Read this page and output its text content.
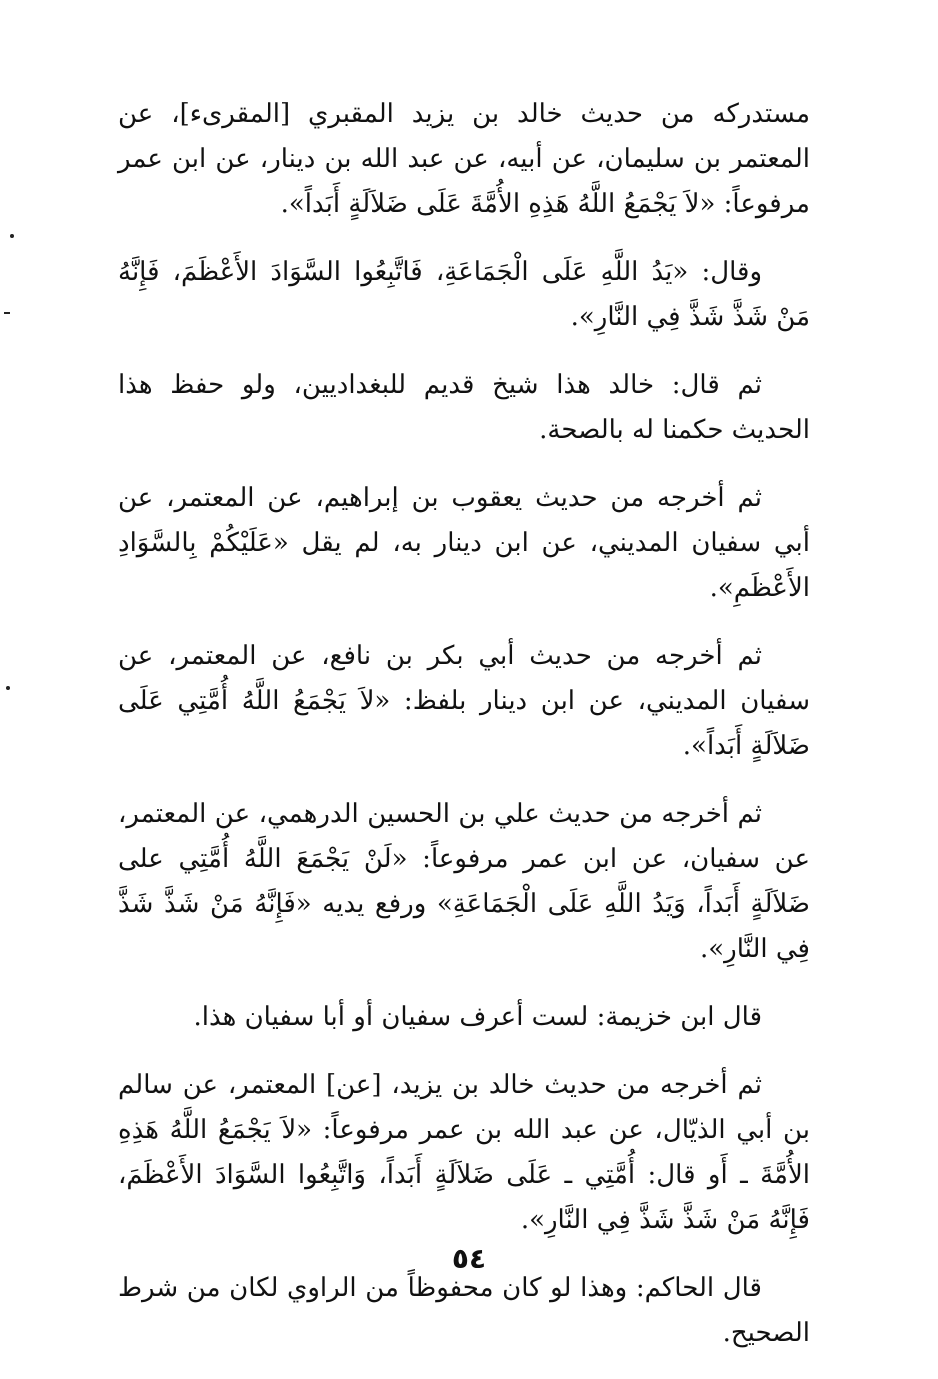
مستدركه من حديث خالد بن يزيد المقبري [المقرىء]، عن المعتمر بن سليمان، عن أبيه، عن عبد الله بن دينار، عن ابن عمر مرفوعاً: «لاَ يَجْمَعُ اللَّهُ هَذِهِ الأُمَّةَ عَلَى ضَلاَلَةٍ أَبَداً».

وقال: «يَدُ اللَّهِ عَلَى الْجَمَاعَةِ، فَاتَّبِعُوا السَّوَادَ الأَعْظَمَ، فَإِنَّهُ مَنْ شَذَّ شَذَّ فِي النَّارِ».

ثم قال: خالد هذا شيخ قديم للبغداديين، ولو حفظ هذا الحديث حكمنا له بالصحة.

ثم أخرجه من حديث يعقوب بن إبراهيم، عن المعتمر، عن أبي سفيان المديني، عن ابن دينار به، لم يقل «عَلَيْكُمْ بِالسَّوَادِ الأَعْظَمِ».

ثم أخرجه من حديث أبي بكر بن نافع، عن المعتمر، عن سفيان المديني، عن ابن دينار بلفظ: «لاَ يَجْمَعُ اللَّهُ أُمَّتِي عَلَى ضَلاَلَةٍ أَبَداً».

ثم أخرجه من حديث علي بن الحسين الدرهمي، عن المعتمر، عن سفيان، عن ابن عمر مرفوعاً: «لَنْ يَجْمَعَ اللَّهُ أُمَّتِي على ضَلاَلَةٍ أَبَداً، وَيَدُ اللَّهِ عَلَى الْجَمَاعَةِ» ورفع يديه «فَإِنَّهُ مَنْ شَذَّ شَذَّ فِي النَّارِ».

قال ابن خزيمة: لست أعرف سفيان أو أبا سفيان هذا.

ثم أخرجه من حديث خالد بن يزيد، [عن] المعتمر، عن سالم بن أبي الذيّال، عن عبد الله بن عمر مرفوعاً: «لاَ يَجْمَعُ اللَّهُ هَذِهِ الأُمَّةَ ـ أَو قال: أُمَّتِي ـ عَلَى ضَلاَلَةٍ أَبَداً، وَاتَّبِعُوا السَّوَادَ الأَعْظَمَ، فَإِنَّهُ مَنْ شَذَّ شَذَّ فِي النَّارِ».

قال الحاكم: وهذا لو كان محفوظاً من الراوي لكان من شرط الصحيح.

٥٤
